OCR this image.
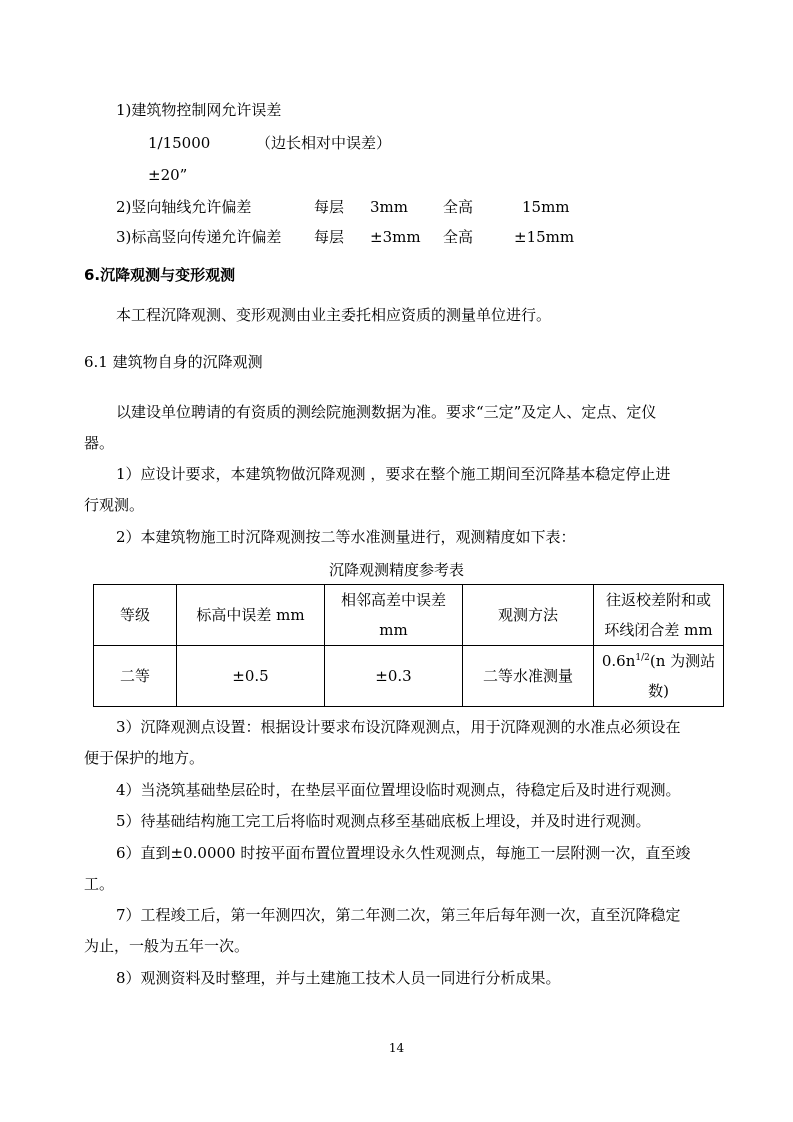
1)建筑物控制网允许误差
1/15000	（边长相对中误差）
±20”
2)竖向轴线允许偏差	每层 3mm 全高	15mm
3)标高竖向传递允许偏差 每层 ±3mm 全高	±15mm
6.沉降观测与变形观测
本工程沉降观测、变形观测由业主委托相应资质的测量单位进行。
6.1 建筑物自身的沉降观测
以建设单位聘请的有资质的测绘院施测数据为准。要求“三定”及定人、定点、定仪
器。
1）应设计要求，本建筑物做沉降观测 ，要求在整个施工期间至沉降基本稳定停止进
行观测。
2）本建筑物施工时沉降观测按二等水准测量进行，观测精度如下表：
沉降观测精度参考表
等级	标高中误差 mm	相邻高差中误差
mm	观测方法	往返校差附和或
环线闭合差 mm
二等	±0.5	±0.3	二等水准测量	$0.6n^{1/2}(n$ 为测站
数)
3）沉降观测点设置：根据设计要求布设沉降观测点，用于沉降观测的水准点必须设在
便于保护的地方。
4）当浇筑基础垫层砼时，在垫层平面位置埋设临时观测点，待稳定后及时进行观测。
5）待基础结构施工完工后将临时观测点移至基础底板上埋设，并及时进行观测。
6）直到±0.0000 时按平面布置位置埋设永久性观测点，每施工一层附测一次，直至竣
工。
7）工程竣工后，第一年测四次，第二年测二次，第三年后每年测一次，直至沉降稳定
为止，一般为五年一次。
8）观测资料及时整理，并与土建施工技术人员一同进行分析成果。
14
